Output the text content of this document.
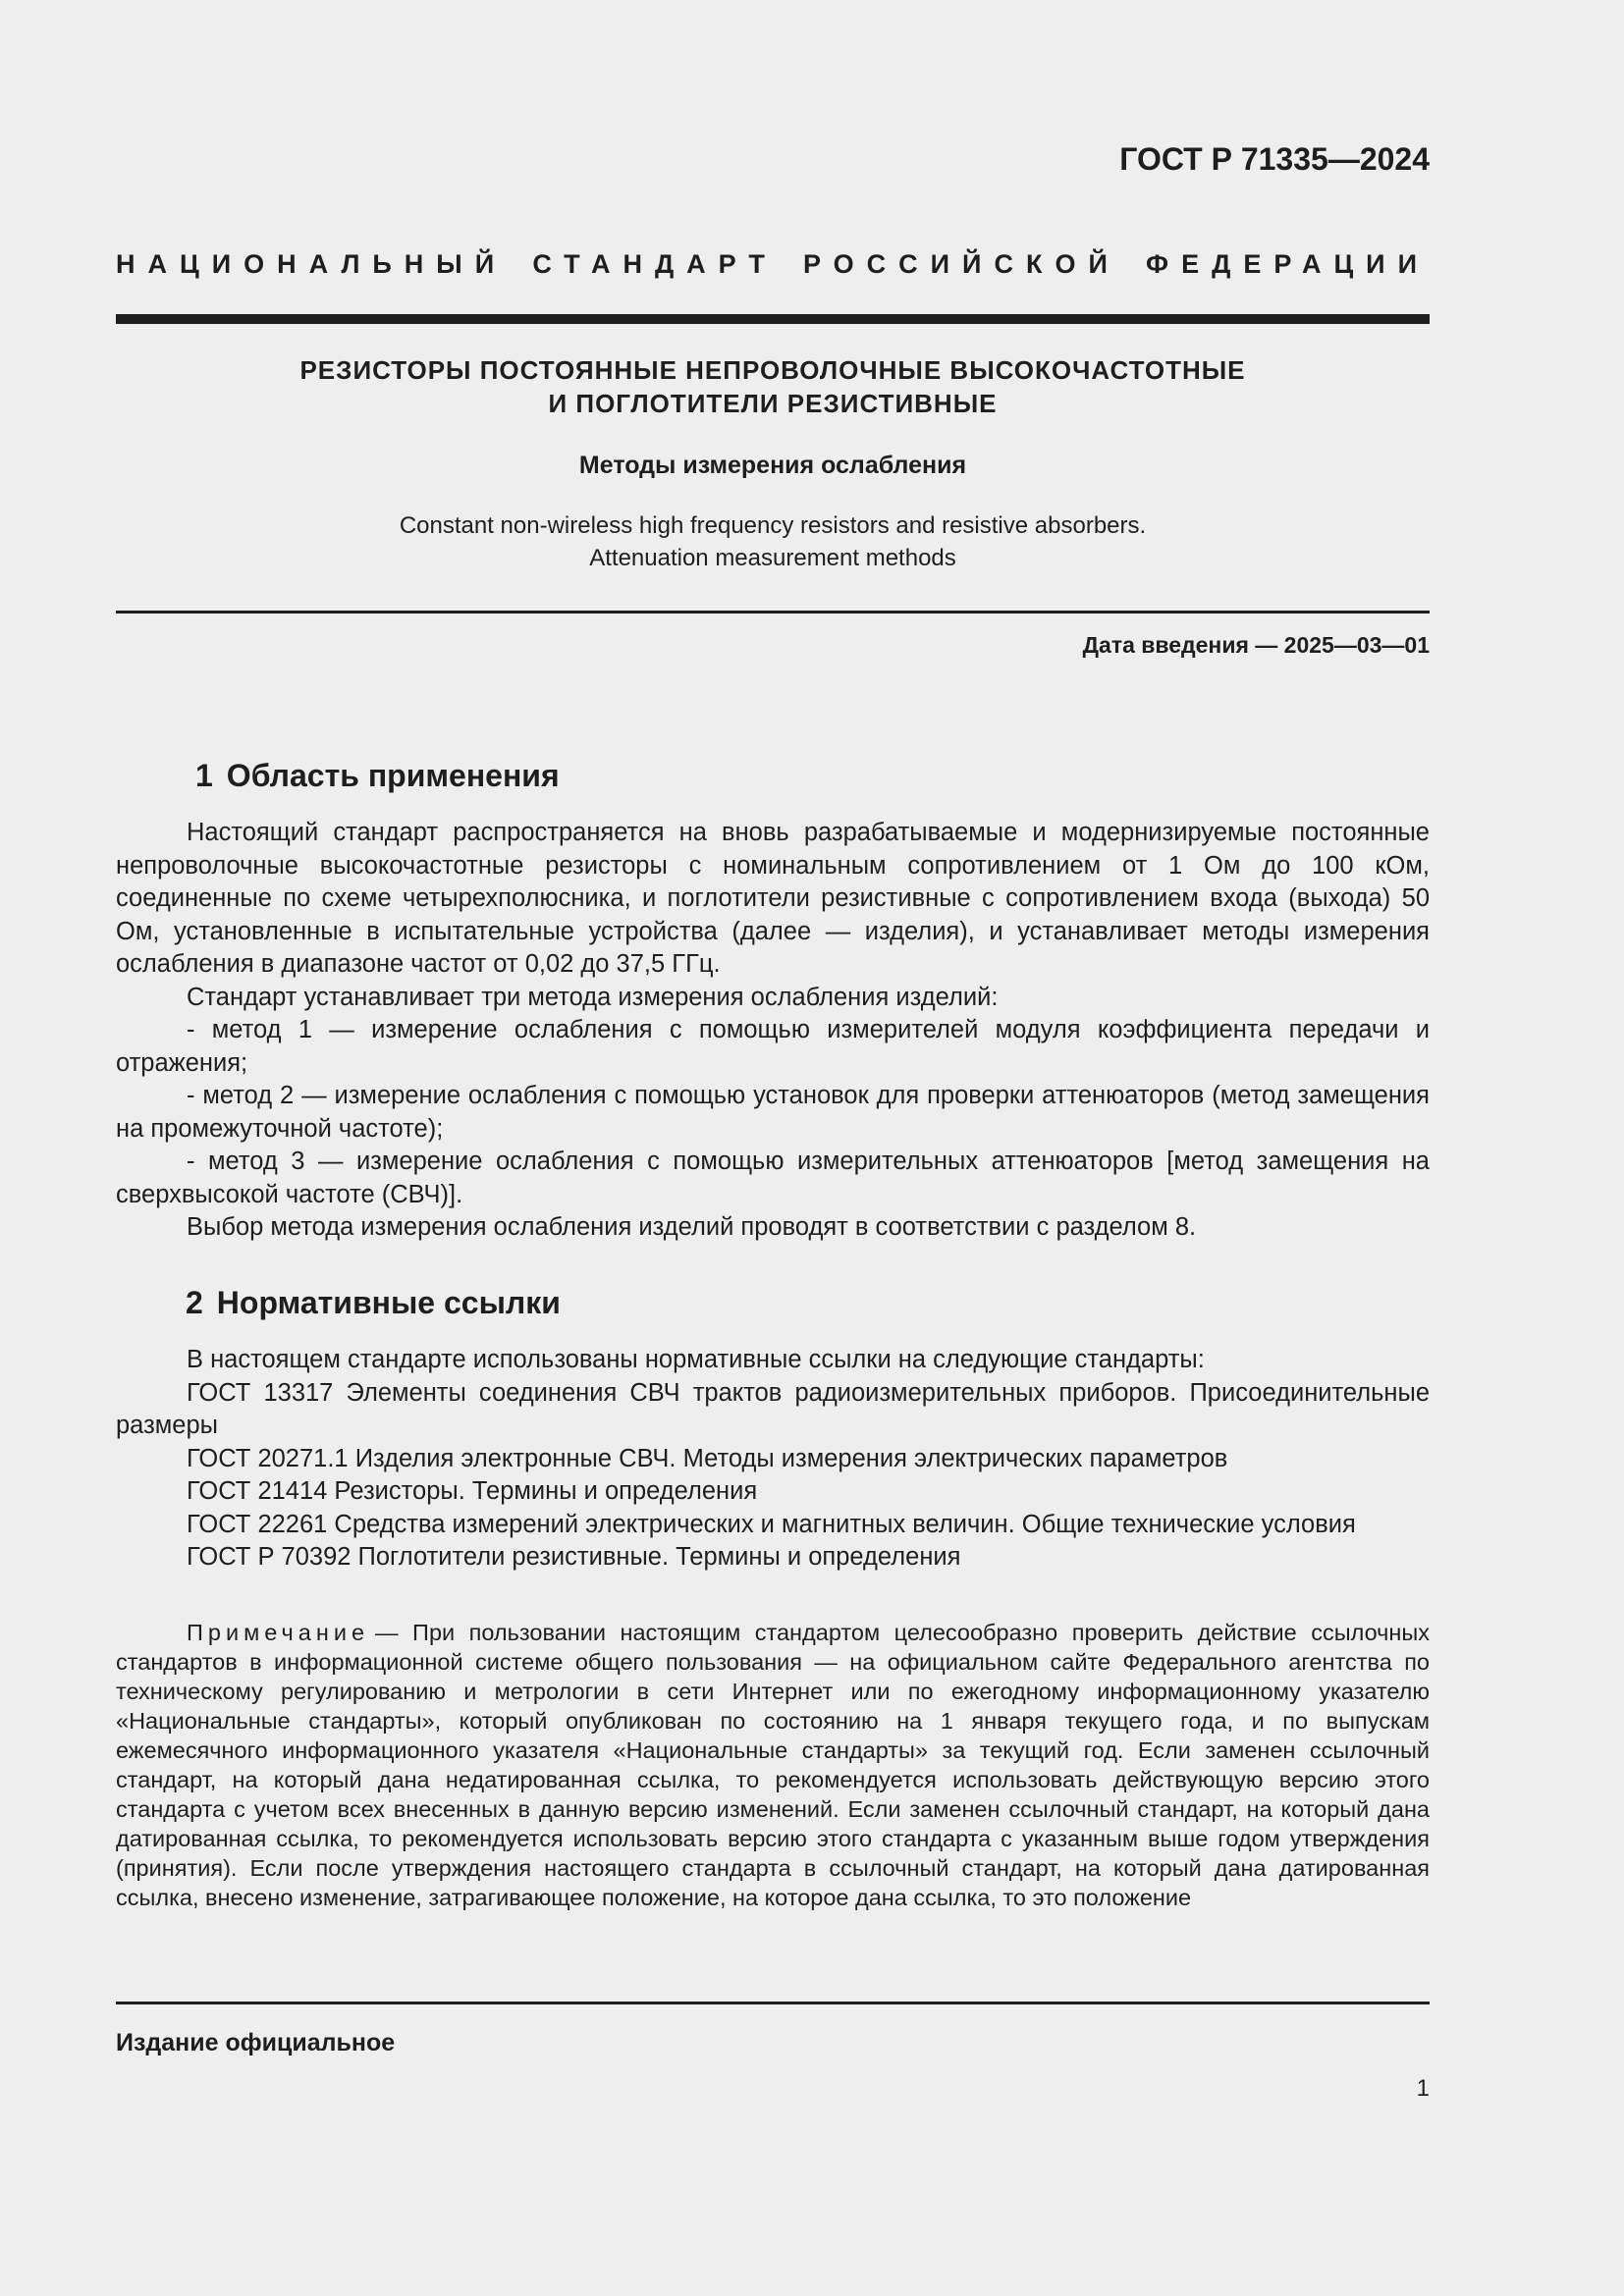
ГОСТ Р 71335—2024
НАЦИОНАЛЬНЫЙ СТАНДАРТ РОССИЙСКОЙ ФЕДЕРАЦИИ
РЕЗИСТОРЫ ПОСТОЯННЫЕ НЕПРОВОЛОЧНЫЕ ВЫСОКОЧАСТОТНЫЕ
И ПОГЛОТИТЕЛИ РЕЗИСТИВНЫЕ
Методы измерения ослабления
Constant non-wireless high frequency resistors and resistive absorbers.
Attenuation measurement methods
Дата введения — 2025—03—01
1 Область применения

Настоящий стандарт распространяется на вновь разрабатываемые и модернизируемые постоянные непроволочные высокочастотные резисторы с номинальным сопротивлением от 1 Ом до 100 кОм, соединенные по схеме четырехполюсника, и поглотители резистивные с сопротивлением входа (выхода) 50 Ом, установленные в испытательные устройства (далее — изделия), и устанавливает методы измерения ослабления в диапазоне частот от 0,02 до 37,5 ГГц.

Стандарт устанавливает три метода измерения ослабления изделий:

- метод 1 — измерение ослабления с помощью измерителей модуля коэффициента передачи и отражения;

- метод 2 — измерение ослабления с помощью установок для проверки аттенюаторов (метод замещения на промежуточной частоте);

- метод 3 — измерение ослабления с помощью измерительных аттенюаторов [метод замещения на сверхвысокой частоте (СВЧ)].

Выбор метода измерения ослабления изделий проводят в соответствии с разделом 8.

2 Нормативные ссылки

В настоящем стандарте использованы нормативные ссылки на следующие стандарты:

ГОСТ 13317 Элементы соединения СВЧ трактов радиоизмерительных приборов. Присоединительные размеры

ГОСТ 20271.1 Изделия электронные СВЧ. Методы измерения электрических параметров

ГОСТ 21414 Резисторы. Термины и определения

ГОСТ 22261 Средства измерений электрических и магнитных величин. Общие технические условия

ГОСТ Р 70392 Поглотители резистивные. Термины и определения

Примечание — При пользовании настоящим стандартом целесообразно проверить действие ссылочных стандартов в информационной системе общего пользования — на официальном сайте Федерального агентства по техническому регулированию и метрологии в сети Интернет или по ежегодному информационному указателю «Национальные стандарты», который опубликован по состоянию на 1 января текущего года, и по выпускам ежемесячного информационного указателя «Национальные стандарты» за текущий год. Если заменен ссылочный стандарт, на который дана недатированная ссылка, то рекомендуется использовать действующую версию этого стандарта с учетом всех внесенных в данную версию изменений. Если заменен ссылочный стандарт, на который дана датированная ссылка, то рекомендуется использовать версию этого стандарта с указанным выше годом утверждения (принятия). Если после утверждения настоящего стандарта в ссылочный стандарт, на который дана датированная ссылка, внесено изменение, затрагивающее положение, на которое дана ссылка, то это положение

Издание официальное
1
